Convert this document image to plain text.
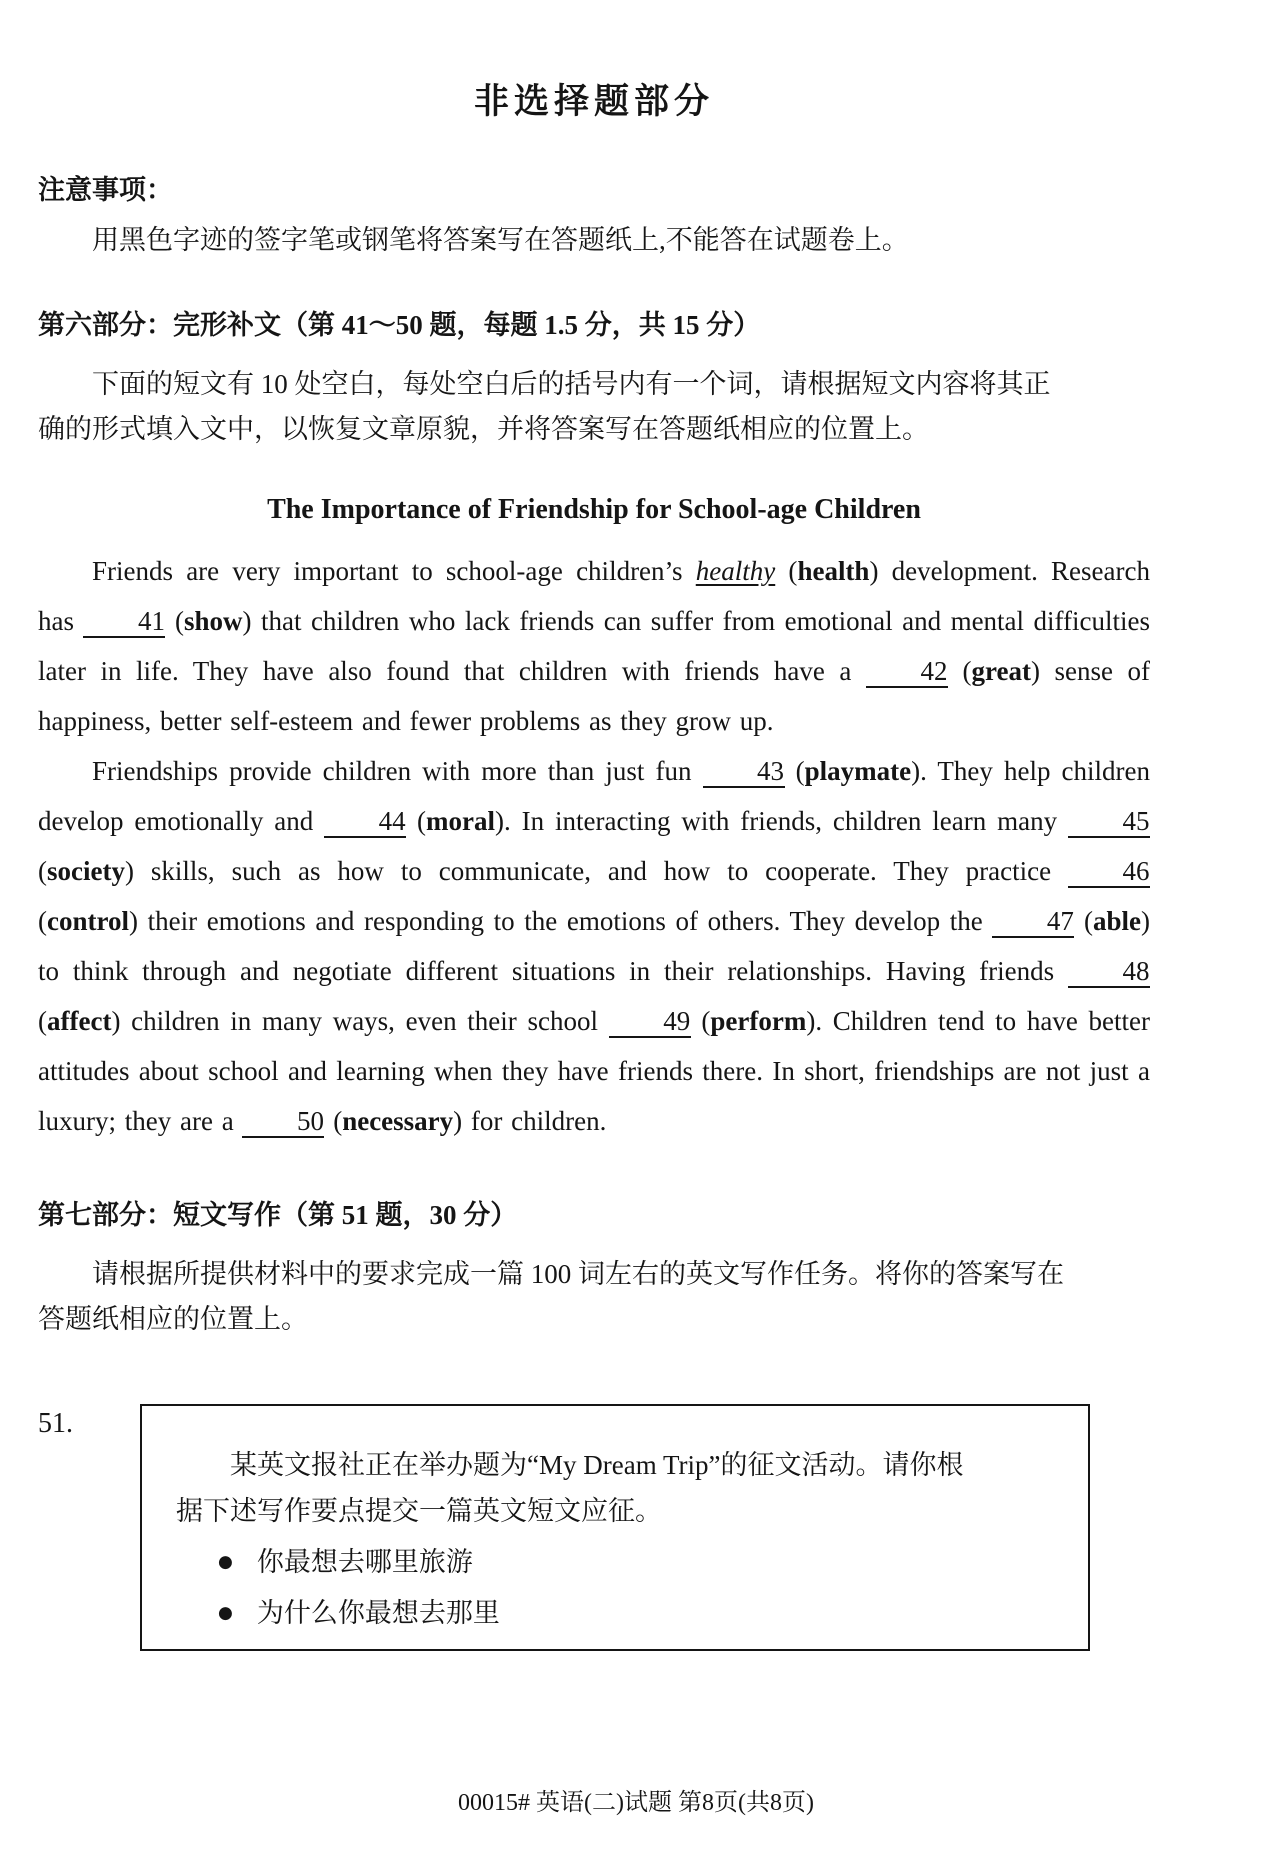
非选择题部分
注意事项：
用黑色字迹的签字笔或钢笔将答案写在答题纸上,不能答在试题卷上。
第六部分：完形补文（第 41～50 题，每题 1.5 分，共 15 分）
下面的短文有 10 处空白，每处空白后的括号内有一个词，请根据短文内容将其正
确的形式填入文中，以恢复文章原貌，并将答案写在答题纸相应的位置上。
The Importance of Friendship for School-age Children

Friends are very important to school-age children’s healthy (health) development. Research has 41 (show) that children who lack friends can suffer from emotional and mental difficulties later in life. They have also found that children with friends have a 42 (great) sense of happiness, better self-esteem and fewer problems as they grow up.

Friendships provide children with more than just fun 43 (playmate). They help children develop emotionally and 44 (moral). In interacting with friends, children learn many 45 (society) skills, such as how to communicate, and how to cooperate. They practice 46 (control) their emotions and responding to the emotions of others. They develop the 47 (able) to think through and negotiate different situations in their relationships. Having friends 48 (affect) children in many ways, even their school 49 (perform). Children tend to have better attitudes about school and learning when they have friends there. In short, friendships are not just a luxury; they are a 50 (necessary) for children.

第七部分：短文写作（第 51 题，30 分）
请根据所提供材料中的要求完成一篇 100 词左右的英文写作任务。将你的答案写在
答题纸相应的位置上。
51.
某英文报社正在举办题为“My Dream Trip”的征文活动。请你根
据下述写作要点提交一篇英文短文应征。
● 你最想去哪里旅游
● 为什么你最想去那里
00015# 英语(二)试题 第8页(共8页)
